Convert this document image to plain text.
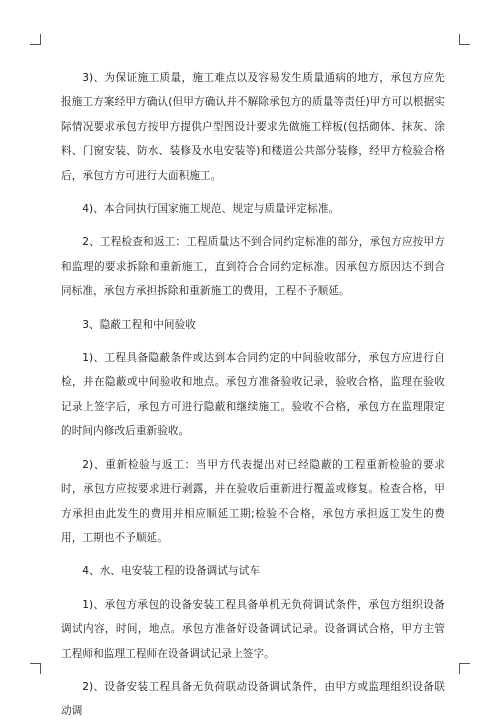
3)、为保证施工质量，施工难点以及容易发生质量通病的地方，承包方应先报施工方案经甲方确认(但甲方确认并不解除承包方的质量等责任)甲方可以根据实际情况要求承包方按甲方提供户型图设计要求先做施工样板(包括砌体、抹灰、涂料、门窗安装、防水、装修及水电安装等)和楼道公共部分装修，经甲方检验合格后，承包方方可进行大面积施工。

4)、本合同执行国家施工规范、规定与质量评定标准。

2、工程检查和返工：工程质量达不到合同约定标准的部分，承包方应按甲方和监理的要求拆除和重新施工，直到符合合同约定标准。因承包方原因达不到合同标准，承包方承担拆除和重新施工的费用，工程不予顺延。

3、隐蔽工程和中间验收

1)、工程具备隐蔽条件或达到本合同约定的中间验收部分，承包方应进行自检，并在隐蔽或中间验收和地点。承包方准备验收记录，验收合格，监理在验收记录上签字后，承包方可进行隐蔽和继续施工。验收不合格，承包方在监理限定的时间内修改后重新验收。

2)、重新检验与返工：当甲方代表提出对已经隐蔽的工程重新检验的要求时，承包方应按要求进行剥露，并在验收后重新进行覆盖或修复。检查合格，甲方承担由此发生的费用并相应顺延工期;检验不合格，承包方承担返工发生的费用，工期也不予顺延。

4、水、电安装工程的设备调试与试车

1)、承包方承包的设备安装工程具备单机无负荷调试条件，承包方组织设备调试内容，时间，地点。承包方准备好设备调试记录。设备调试合格，甲方主管工程师和监理工程师在设备调试记录上签字。

2)、设备安装工程具备无负荷联动设备调试条件，由甲方或监理组织设备联动调
